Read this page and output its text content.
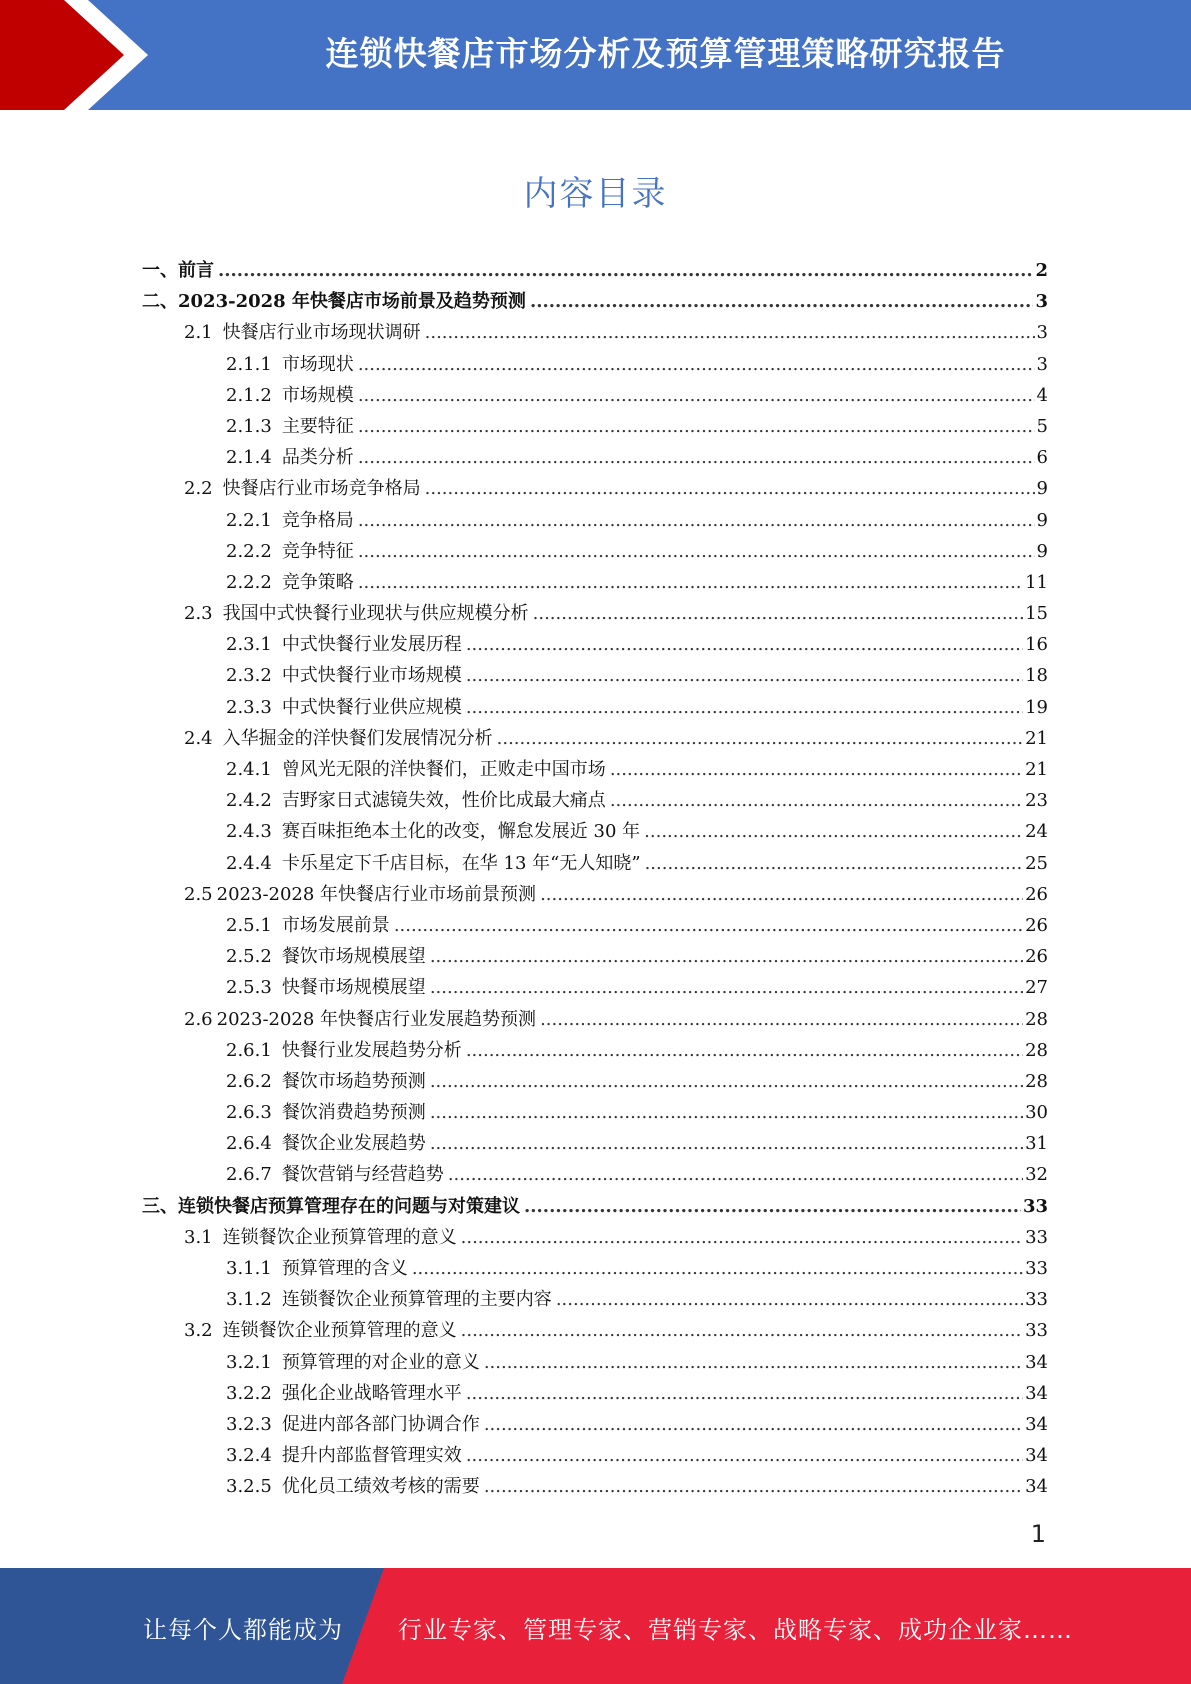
连锁快餐店市场分析及预算管理策略研究报告
内容目录
一、 前言 .....	2
二、 2023-2028 年快餐店市场前景及趋势预测 .....	3
2.1 快餐店行业市场现状调研 .....	3
2.1.1 市场现状 .....	3
2.1.2 市场规模 .....	4
2.1.3 主要特征 .....	5
2.1.4 品类分析 .....	6
2.2 快餐店行业市场竞争格局 .....	9
2.2.1 竞争格局 .....	9
2.2.2 竞争特征 .....	9
2.2.2 竞争策略 .....	11
2.3 我国中式快餐行业现状与供应规模分析 .....	15
2.3.1 中式快餐行业发展历程 .....	16
2.3.2 中式快餐行业市场规模 .....	18
2.3.3 中式快餐行业供应规模 .....	19
2.4 入华掘金的洋快餐们发展情况分析 .....	21
2.4.1 曾风光无限的洋快餐们，正败走中国市场 .....	21
2.4.2 吉野家日式滤镜失效，性价比成最大痛点 .....	23
2.4.3 赛百味拒绝本土化的改变，懈怠发展近 30 年 .....	24
2.4.4 卡乐星定下千店目标，在华 13 年“无人知晓” .....	25
2.5 2023-2028 年快餐店行业市场前景预测 .....	26
2.5.1 市场发展前景 .....	26
2.5.2 餐饮市场规模展望 .....	26
2.5.3 快餐市场规模展望 .....	27
2.6 2023-2028 年快餐店行业发展趋势预测 .....	28
2.6.1 快餐行业发展趋势分析 .....	28
2.6.2 餐饮市场趋势预测 .....	28
2.6.3 餐饮消费趋势预测 .....	30
2.6.4 餐饮企业发展趋势 .....	31
2.6.7 餐饮营销与经营趋势 .....	32
三、 连锁快餐店预算管理存在的问题与对策建议 .....	33
3.1 连锁餐饮企业预算管理的意义 .....	33
3.1.1 预算管理的含义 .....	33
3.1.2 连锁餐饮企业预算管理的主要内容 .....	33
3.2 连锁餐饮企业预算管理的意义 .....	33
3.2.1 预算管理的对企业的意义 .....	34
3.2.2 强化企业战略管理水平 .....	34
3.2.3 促进内部各部门协调合作 .....	34
3.2.4 提升内部监督管理实效 .....	34
3.2.5 优化员工绩效考核的需要 .....	34
1
让每个人都能成为 行业专家、管理专家、营销专家、战略专家、成功企业家……
